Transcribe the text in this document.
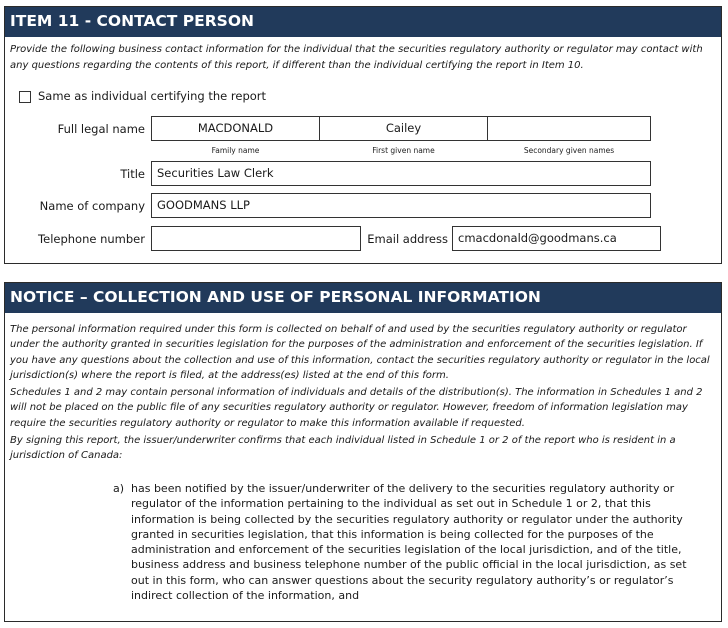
ITEM 11 - CONTACT PERSON
Provide the following business contact information for the individual that the securities regulatory authority or regulator may contact with any questions regarding the contents of this report, if different than the individual certifying the report in Item 10.
Same as individual certifying the report
Full legal name	MACDONALD	Cailey
Family name	First given name	Secondary given names
Title	Securities Law Clerk
Name of company	GOODMANS LLP
Telephone number	Email address cmacdonald@goodmans.ca
NOTICE – COLLECTION AND USE OF PERSONAL INFORMATION

The personal information required under this form is collected on behalf of and used by the securities regulatory authority or regulator under the authority granted in securities legislation for the purposes of the administration and enforcement of the securities legislation. If you have any questions about the collection and use of this information, contact the securities regulatory authority or regulator in the local jurisdiction(s) where the report is filed, at the address(es) listed at the end of this form.

Schedules 1 and 2 may contain personal information of individuals and details of the distribution(s). The information in Schedules 1 and 2 will not be placed on the public file of any securities regulatory authority or regulator. However, freedom of information legislation may require the securities regulatory authority or regulator to make this information available if requested.

By signing this report, the issuer/underwriter confirms that each individual listed in Schedule 1 or 2 of the report who is resident in a jurisdiction of Canada:

a) has been notified by the issuer/underwriter of the delivery to the securities regulatory authority or regulator of the information pertaining to the individual as set out in Schedule 1 or 2, that this information is being collected by the securities regulatory authority or regulator under the authority granted in securities legislation, that this information is being collected for the purposes of the administration and enforcement of the securities legislation of the local jurisdiction, and of the title, business address and business telephone number of the public official in the local jurisdiction, as set out in this form, who can answer questions about the security regulatory authority’s or regulator’s indirect collection of the information, and
